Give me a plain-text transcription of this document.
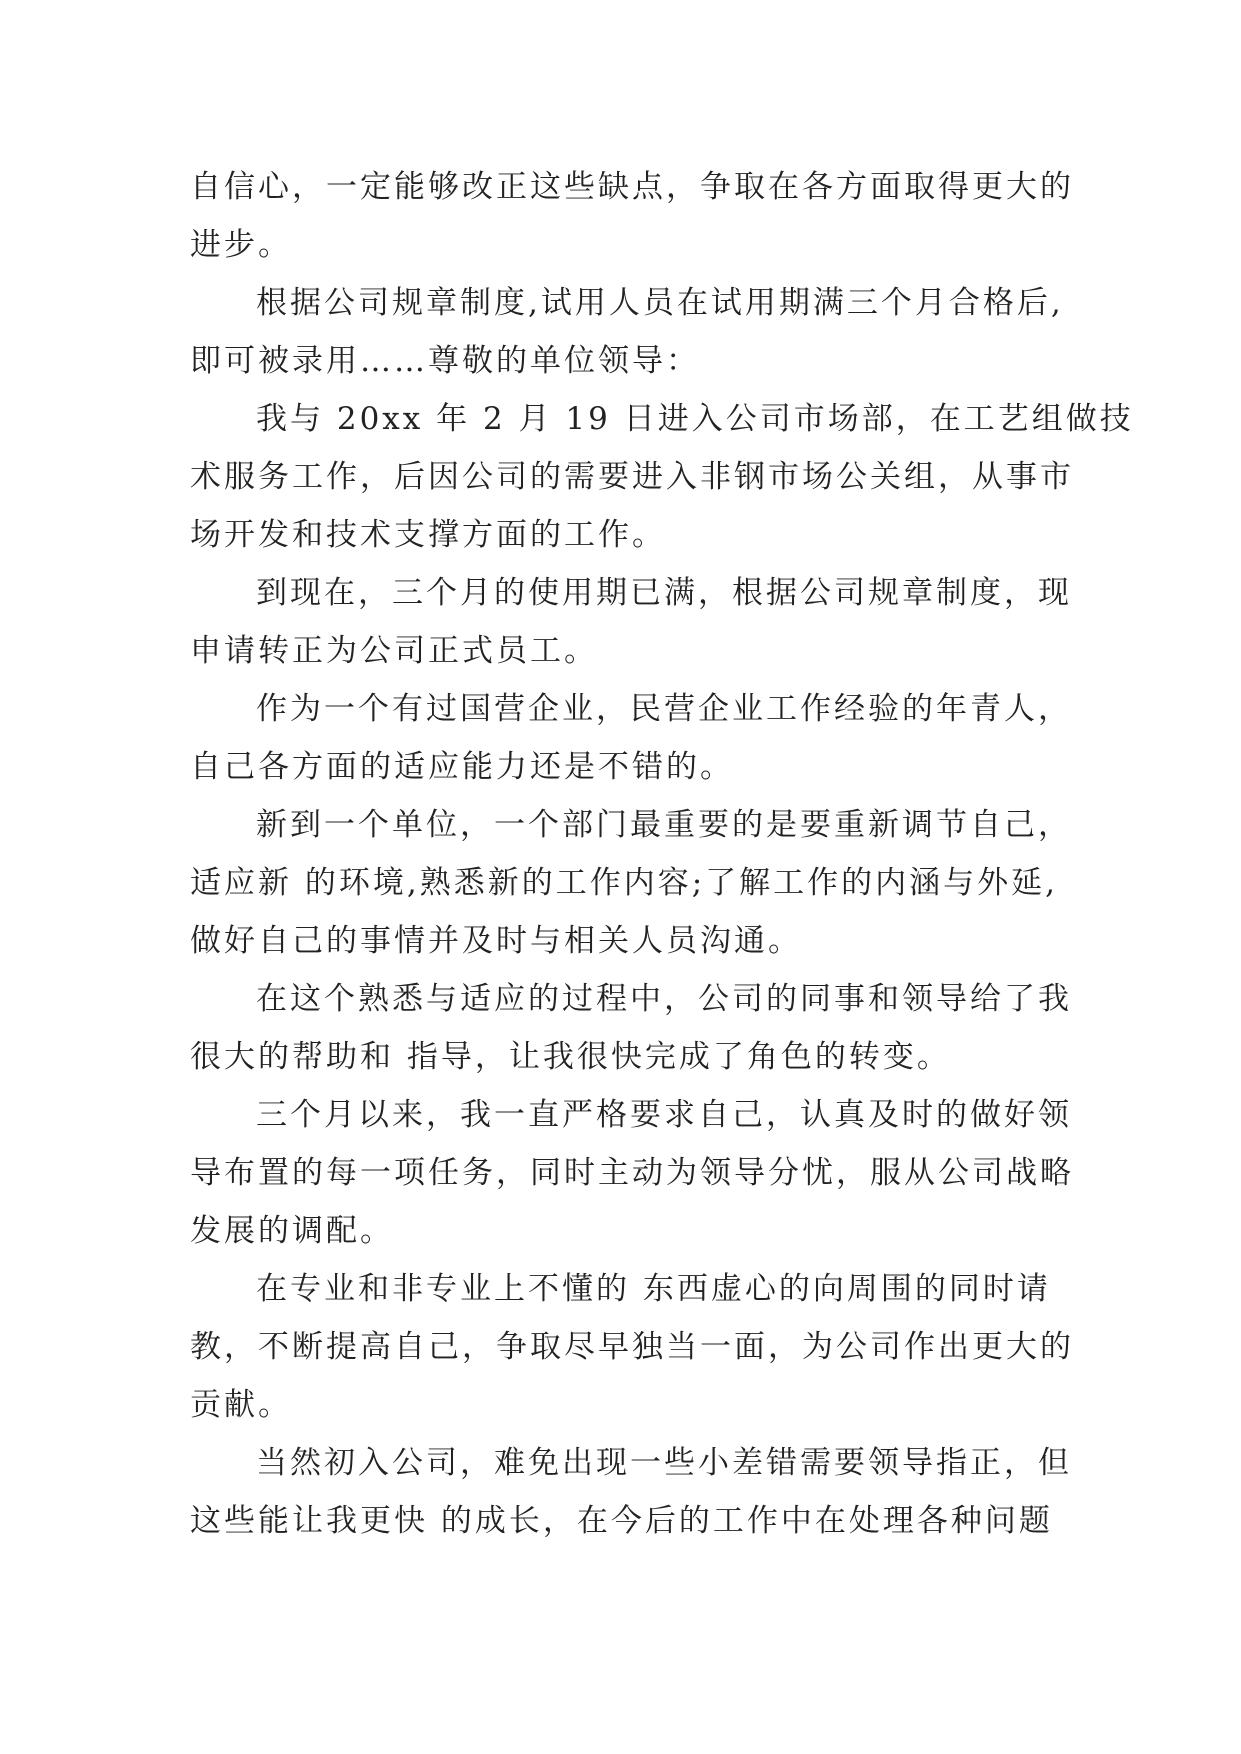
自信心，一定能够改正这些缺点，争取在各方面取得更大的
进步。
根据公司规章制度,试用人员在试用期满三个月合格后,
即可被录用……尊敬的单位领导：
我与 20xx 年 2 月 19 日进入公司市场部，在工艺组做技
术服务工作，后因公司的需要进入非钢市场公关组，从事市
场开发和技术支撑方面的工作。
到现在，三个月的使用期已满，根据公司规章制度，现
申请转正为公司正式员工。
作为一个有过国营企业，民营企业工作经验的年青人，
自己各方面的适应能力还是不错的。
新到一个单位，一个部门最重要的是要重新调节自己，
适应新 的环境,熟悉新的工作内容;了解工作的内涵与外延,
做好自己的事情并及时与相关人员沟通。
在这个熟悉与适应的过程中，公司的同事和领导给了我
很大的帮助和 指导，让我很快完成了角色的转变。
三个月以来，我一直严格要求自己，认真及时的做好领
导布置的每一项任务，同时主动为领导分忧，服从公司战略
发展的调配。
在专业和非专业上不懂的 东西虚心的向周围的同时请
教，不断提高自己，争取尽早独当一面，为公司作出更大的
贡献。
当然初入公司，难免出现一些小差错需要领导指正，但
这些能让我更快 的成长，在今后的工作中在处理各种问题
